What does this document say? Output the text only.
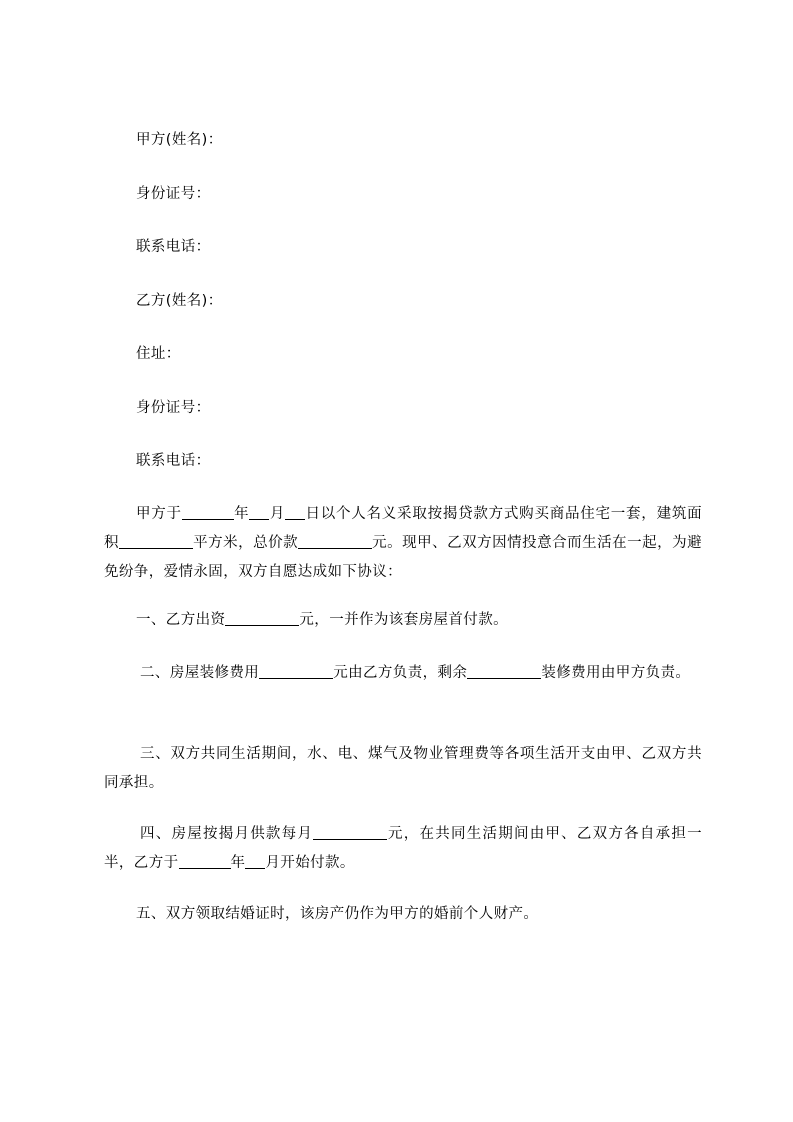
甲方(姓名)：
身份证号：
联系电话：
乙方(姓名)：
住址：
身份证号：
联系电话：
甲方于	年 月 日以个人名义采取按揭贷款方式购买商品住宅一套，建筑面积	平方米，总价款	元。现甲、乙双方因情投意合而生活在一起，为避免纷争，爱情永固，双方自愿达成如下协议：
一、乙方出资	元，一并作为该套房屋首付款。
二、房屋装修费用	元由乙方负责，剩余	装修费用由甲方负责。
三、双方共同生活期间，水、电、煤气及物业管理费等各项生活开支由甲、乙双方共同承担。
四、房屋按揭月供款每月	元，在共同生活期间由甲、乙双方各自承担一半，乙方于	年 月开始付款。
五、双方领取结婚证时，该房产仍作为甲方的婚前个人财产。
